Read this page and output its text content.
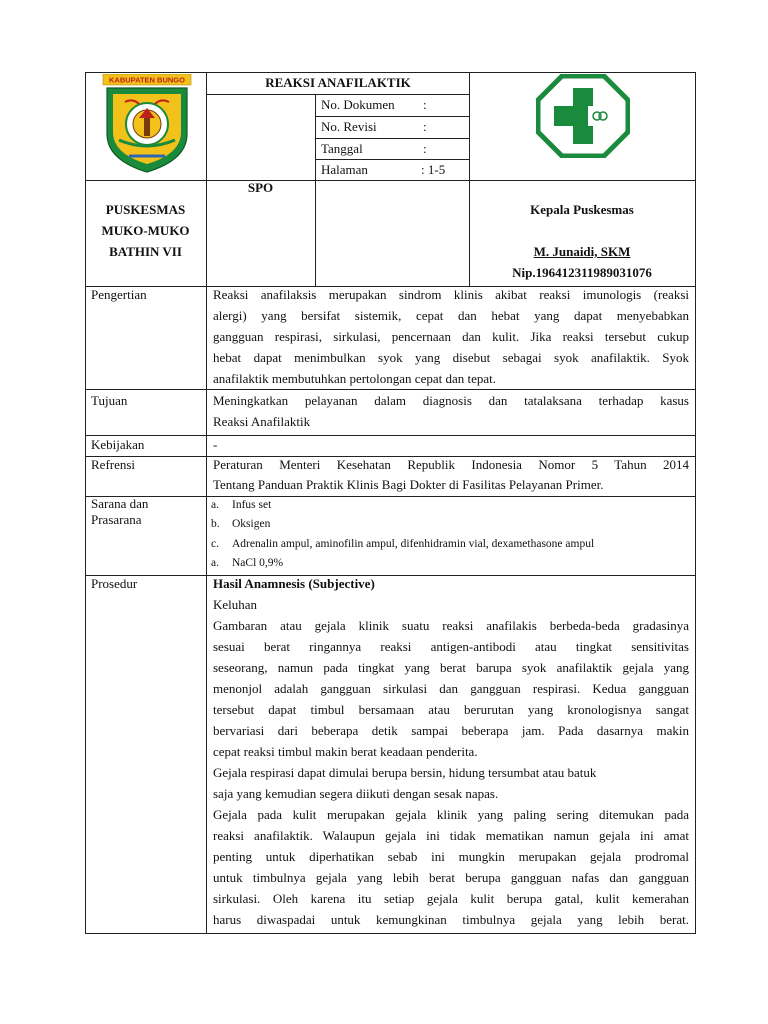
KABUPATEN BUNGO	REAKSI ANAFILAKTIK
No. Dokumen :
No. Revisi	:
Tanggal	:
Halaman	: 1-5
SPO
PUSKESMAS
MUKO-MUKO
BATHIN VII
Kepala Puskesmas
M. Junaidi, SKM
Nip.196412311989031076
Pengertian	Reaksi anafilaksis merupakan sindrom klinis akibat reaksi imunologis (reaksi
alergi) yang bersifat sistemik, cepat dan hebat yang dapat menyebabkan
gangguan respirasi, sirkulasi, pencernaan dan kulit. Jika reaksi tersebut cukup
hebat dapat menimbulkan syok yang disebut sebagai syok anafilaktik. Syok
anafilaktik membutuhkan pertolongan cepat dan tepat.
Tujuan	Meningkatkan pelayanan dalam diagnosis dan tatalaksana terhadap kasus
Reaksi Anafilaktik
Kebijakan	-
Refrensi	Peraturan Menteri Kesehatan Republik Indonesia Nomor 5 Tahun 2014
Tentang Panduan Praktik Klinis Bagi Dokter di Fasilitas Pelayanan Primer.
Sarana dan
Prasarana
a. Infus set
b. Oksigen
c. Adrenalin ampul, aminofilin ampul, difenhidramin vial, dexamethasone ampul
a. NaCl 0,9%
Prosedur	Hasil Anamnesis (Subjective)
Keluhan
Gambaran atau gejala klinik suatu reaksi anafilakis berbeda-beda gradasinya
sesuai berat ringannya reaksi antigen-antibodi atau tingkat sensitivitas
seseorang, namun pada tingkat yang berat barupa syok anafilaktik gejala yang
menonjol adalah gangguan sirkulasi dan gangguan respirasi. Kedua gangguan
tersebut dapat timbul bersamaan atau berurutan yang kronologisnya sangat
bervariasi dari beberapa detik sampai beberapa jam. Pada dasarnya makin
cepat reaksi timbul makin berat keadaan penderita.
Gejala respirasi dapat dimulai berupa bersin, hidung tersumbat atau batuk
saja yang kemudian segera diikuti dengan sesak napas.
Gejala pada kulit merupakan gejala klinik yang paling sering ditemukan pada
reaksi anafilaktik. Walaupun gejala ini tidak mematikan namun gejala ini amat
penting untuk diperhatikan sebab ini mungkin merupakan gejala prodromal
untuk timbulnya gejala yang lebih berat berupa gangguan nafas dan gangguan
sirkulasi. Oleh karena itu setiap gejala kulit berupa gatal, kulit kemerahan
harus diwaspadai untuk kemungkinan timbulnya gejala yang lebih berat.
